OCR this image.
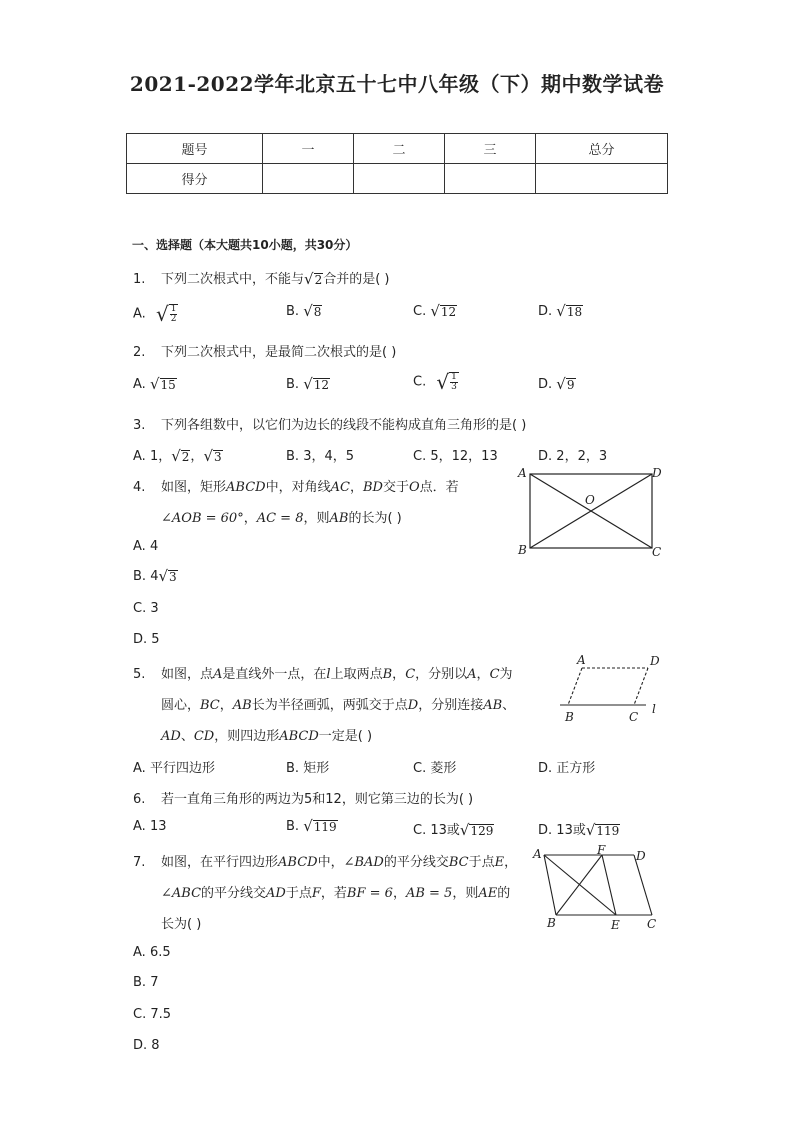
2021-2022学年北京五十七中八年级（下）期中数学试卷
题号	一	二	三	总分
得分				
一、选择题（本大题共10小题，共30分）
1. 下列二次根式中，不能与 √ 2 合并的是( )
A. √ $\frac{1}{2}$	B. √ 8	C. √ 12	D. √ 18
2. 下列二次根式中，是最简二次根式的是( )
A. √ 15	B. √ 12	C. √ $\frac{1}{3}$	D. √ 9
3. 下列各组数中，以它们为边长的线段不能构成直角三角形的是( )
A. 1， √ 2 ， √ 3	B. 3，4，5	C. 5，12，13	D. 2，2，3
4. 如图，矩形ABCD中，对角线AC，BD交于O点．若
∠AOB = 60°，AC = 8，则AB的长为( )
A. 4
B. 4 √ 3
C. 3
D. 5
A
B	C
D
O
5. 如图，点A是直线外一点，在l上取两点B，C，分别以A，C为
圆心，BC，AB长为半径画弧，两弧交于点D，分别连接AB、
AD、CD，则四边形ABCD一定是( )
A. 平行四边形	B. 矩形	C. 菱形	D. 正方形
A	D
B	C
l
6. 若一直角三角形的两边为5和12，则它第三边的长为( )
A. 13	B. √ 119	C. 13或 √ 129	D. 13或 √ 119
7. 如图，在平行四边形ABCD中，∠BAD的平分线交BC于点E，
∠ABC的平分线交AD于点F，若BF = 6，AB = 5，则AE的
长为( )
A. 6.5
B. 7
C. 7.5
D. 8
A	F	D
B	E C
